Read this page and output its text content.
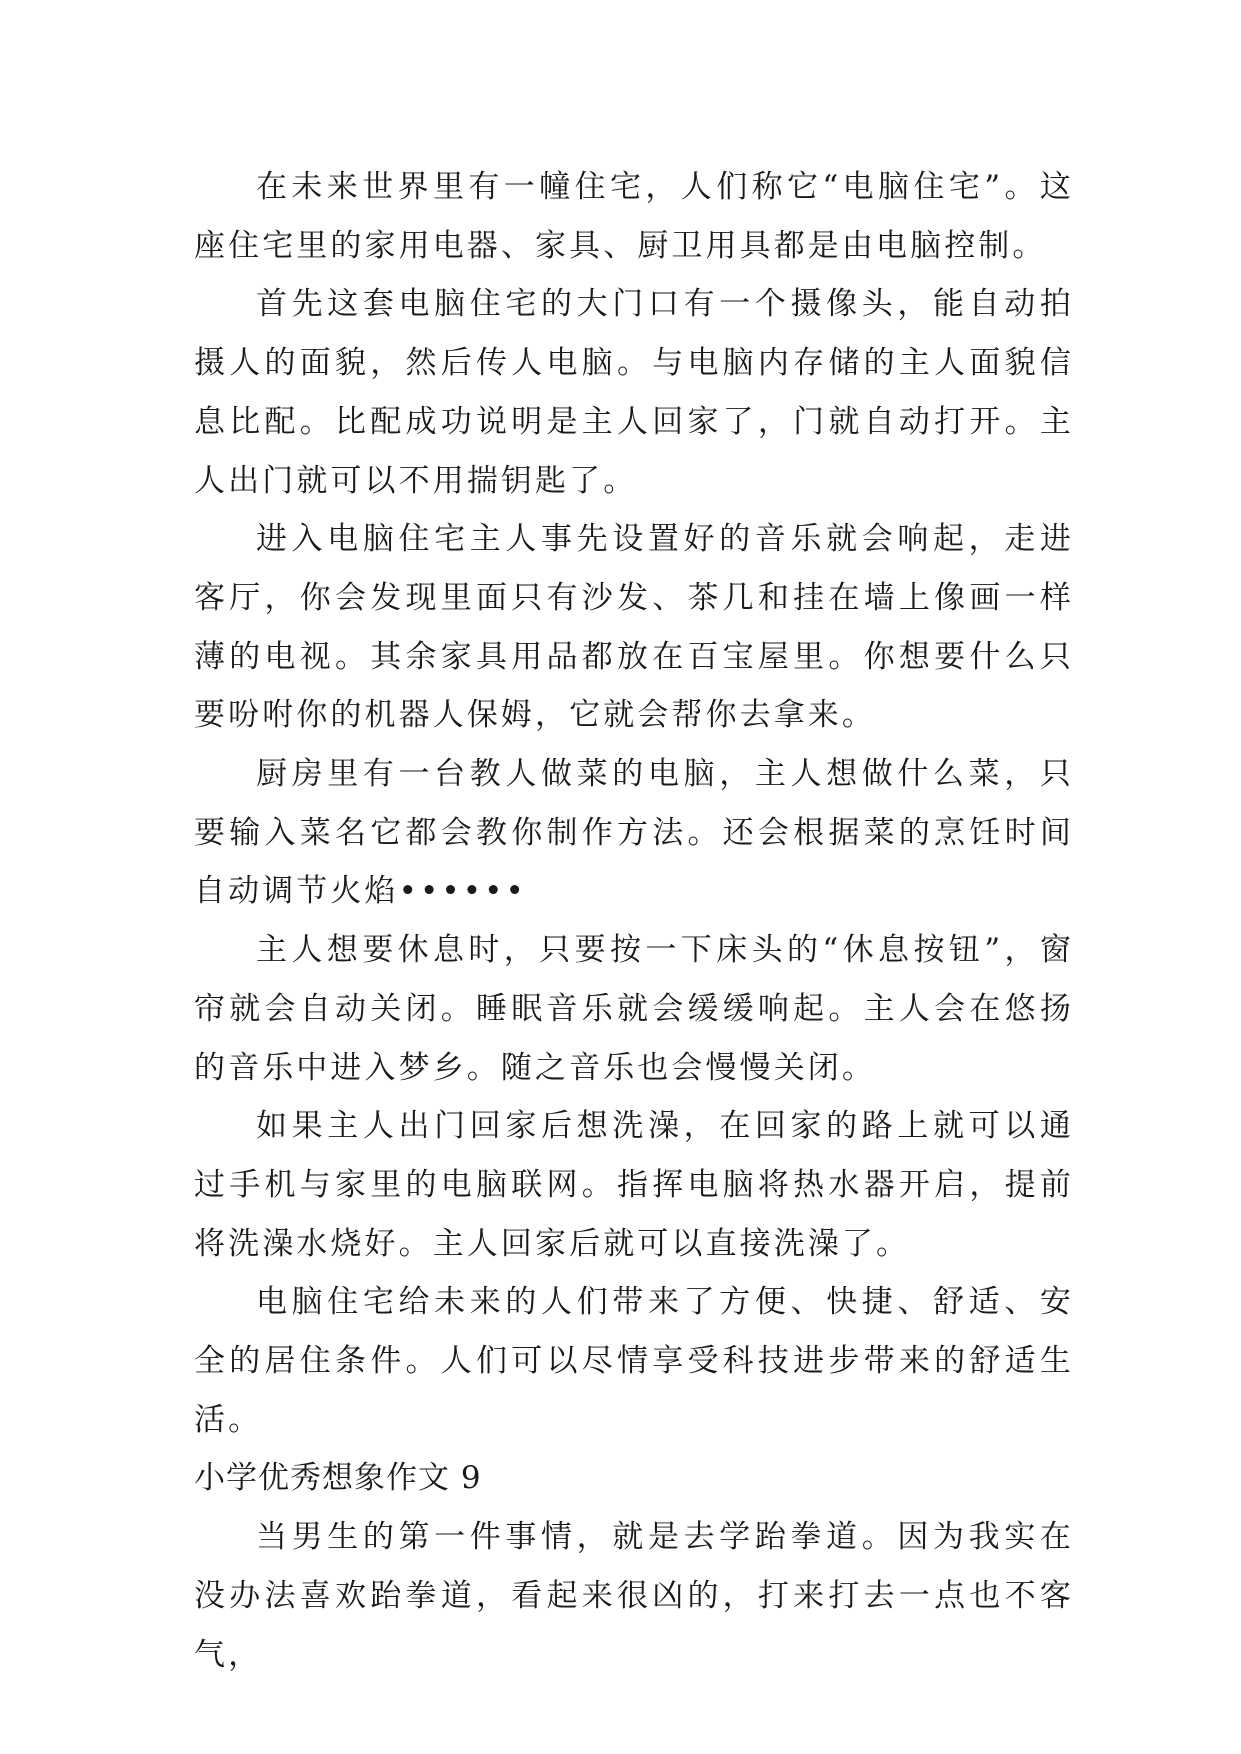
在未来世界里有一幢住宅，人们称它“电脑住宅”。这座住宅里的家用电器、家具、厨卫用具都是由电脑控制。

首先这套电脑住宅的大门口有一个摄像头，能自动拍摄人的面貌，然后传人电脑。与电脑内存储的主人面貌信息比配。比配成功说明是主人回家了，门就自动打开。主人出门就可以不用揣钥匙了。

进入电脑住宅主人事先设置好的音乐就会响起，走进客厅，你会发现里面只有沙发、茶几和挂在墙上像画一样薄的电视。其余家具用品都放在百宝屋里。你想要什么只要吩咐你的机器人保姆，它就会帮你去拿来。

厨房里有一台教人做菜的电脑，主人想做什么菜，只要输入菜名它都会教你制作方法。还会根据菜的烹饪时间自动调节火焰••••••

主人想要休息时，只要按一下床头的“休息按钮”，窗帘就会自动关闭。睡眠音乐就会缓缓响起。主人会在悠扬的音乐中进入梦乡。随之音乐也会慢慢关闭。

如果主人出门回家后想洗澡，在回家的路上就可以通过手机与家里的电脑联网。指挥电脑将热水器开启，提前将洗澡水烧好。主人回家后就可以直接洗澡了。

电脑住宅给未来的人们带来了方便、快捷、舒适、安全的居住条件。人们可以尽情享受科技进步带来的舒适生活。

小学优秀想象作文 9

当男生的第一件事情，就是去学跆拳道。因为我实在没办法喜欢跆拳道，看起来很凶的，打来打去一点也不客气，
